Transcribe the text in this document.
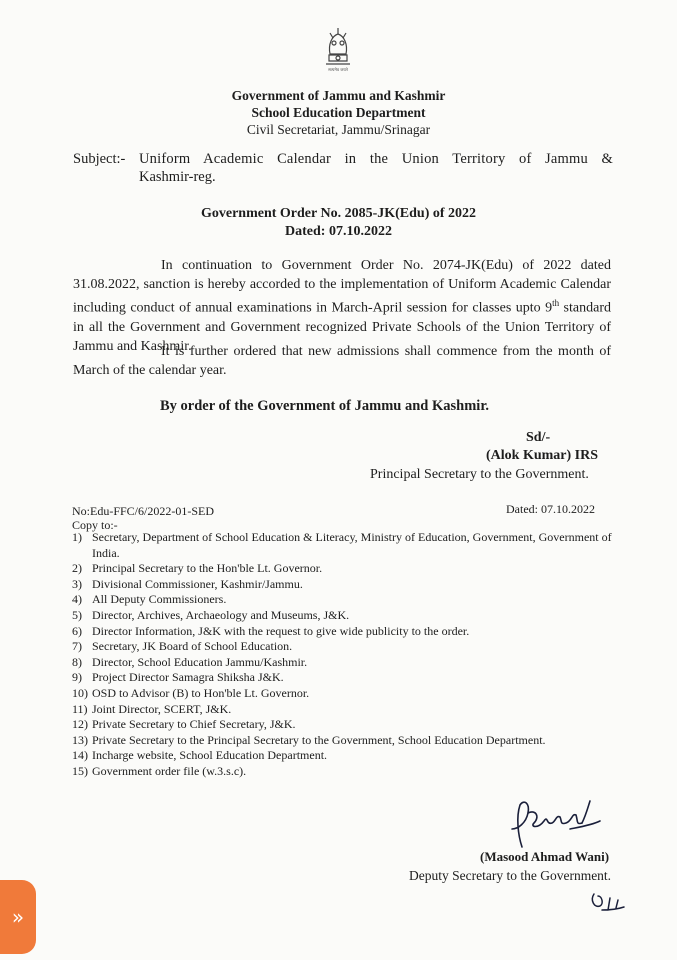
सत्यमेव जयते
Government of Jammu and Kashmir
School Education Department
Civil Secretariat, Jammu/Srinagar
Subject:- Uniform Academic Calendar in the Union Territory of Jammu &
Kashmir-reg.
Government Order No. 2085-JK(Edu) of 2022
Dated: 07.10.2022
In continuation to Government Order No. 2074-JK(Edu) of 2022 dated 31.08.2022, sanction is hereby accorded to the implementation of Uniform Academic Calendar including conduct of annual examinations in March-April session for classes upto 9th standard in all the Government and Government recognized Private Schools of the Union Territory of Jammu and Kashmir.
It is further ordered that new admissions shall commence from the month of March of the calendar year.
By order of the Government of Jammu and Kashmir.
Sd/-
(Alok Kumar) IRS
Principal Secretary to the Government.
No:Edu-FFC/6/2022-01-SED	Dated: 07.10.2022
Copy to:-
1) Secretary, Department of School Education & Literacy, Ministry of Education, Government, Government of India.
2) Principal Secretary to the Hon'ble Lt. Governor.
3) Divisional Commissioner, Kashmir/Jammu.
4) All Deputy Commissioners.
5) Director, Archives, Archaeology and Museums, J&K.
6) Director Information, J&K with the request to give wide publicity to the order.
7) Secretary, JK Board of School Education.
8) Director, School Education Jammu/Kashmir.
9) Project Director Samagra Shiksha J&K.
10) OSD to Advisor (B) to Hon'ble Lt. Governor.
11) Joint Director, SCERT, J&K.
12) Private Secretary to Chief Secretary, J&K.
13) Private Secretary to the Principal Secretary to the Government, School Education Department.
14) Incharge website, School Education Department.
15) Government order file (w.3.s.c).
(Masood Ahmad Wani)
Deputy Secretary to the Government.
»
